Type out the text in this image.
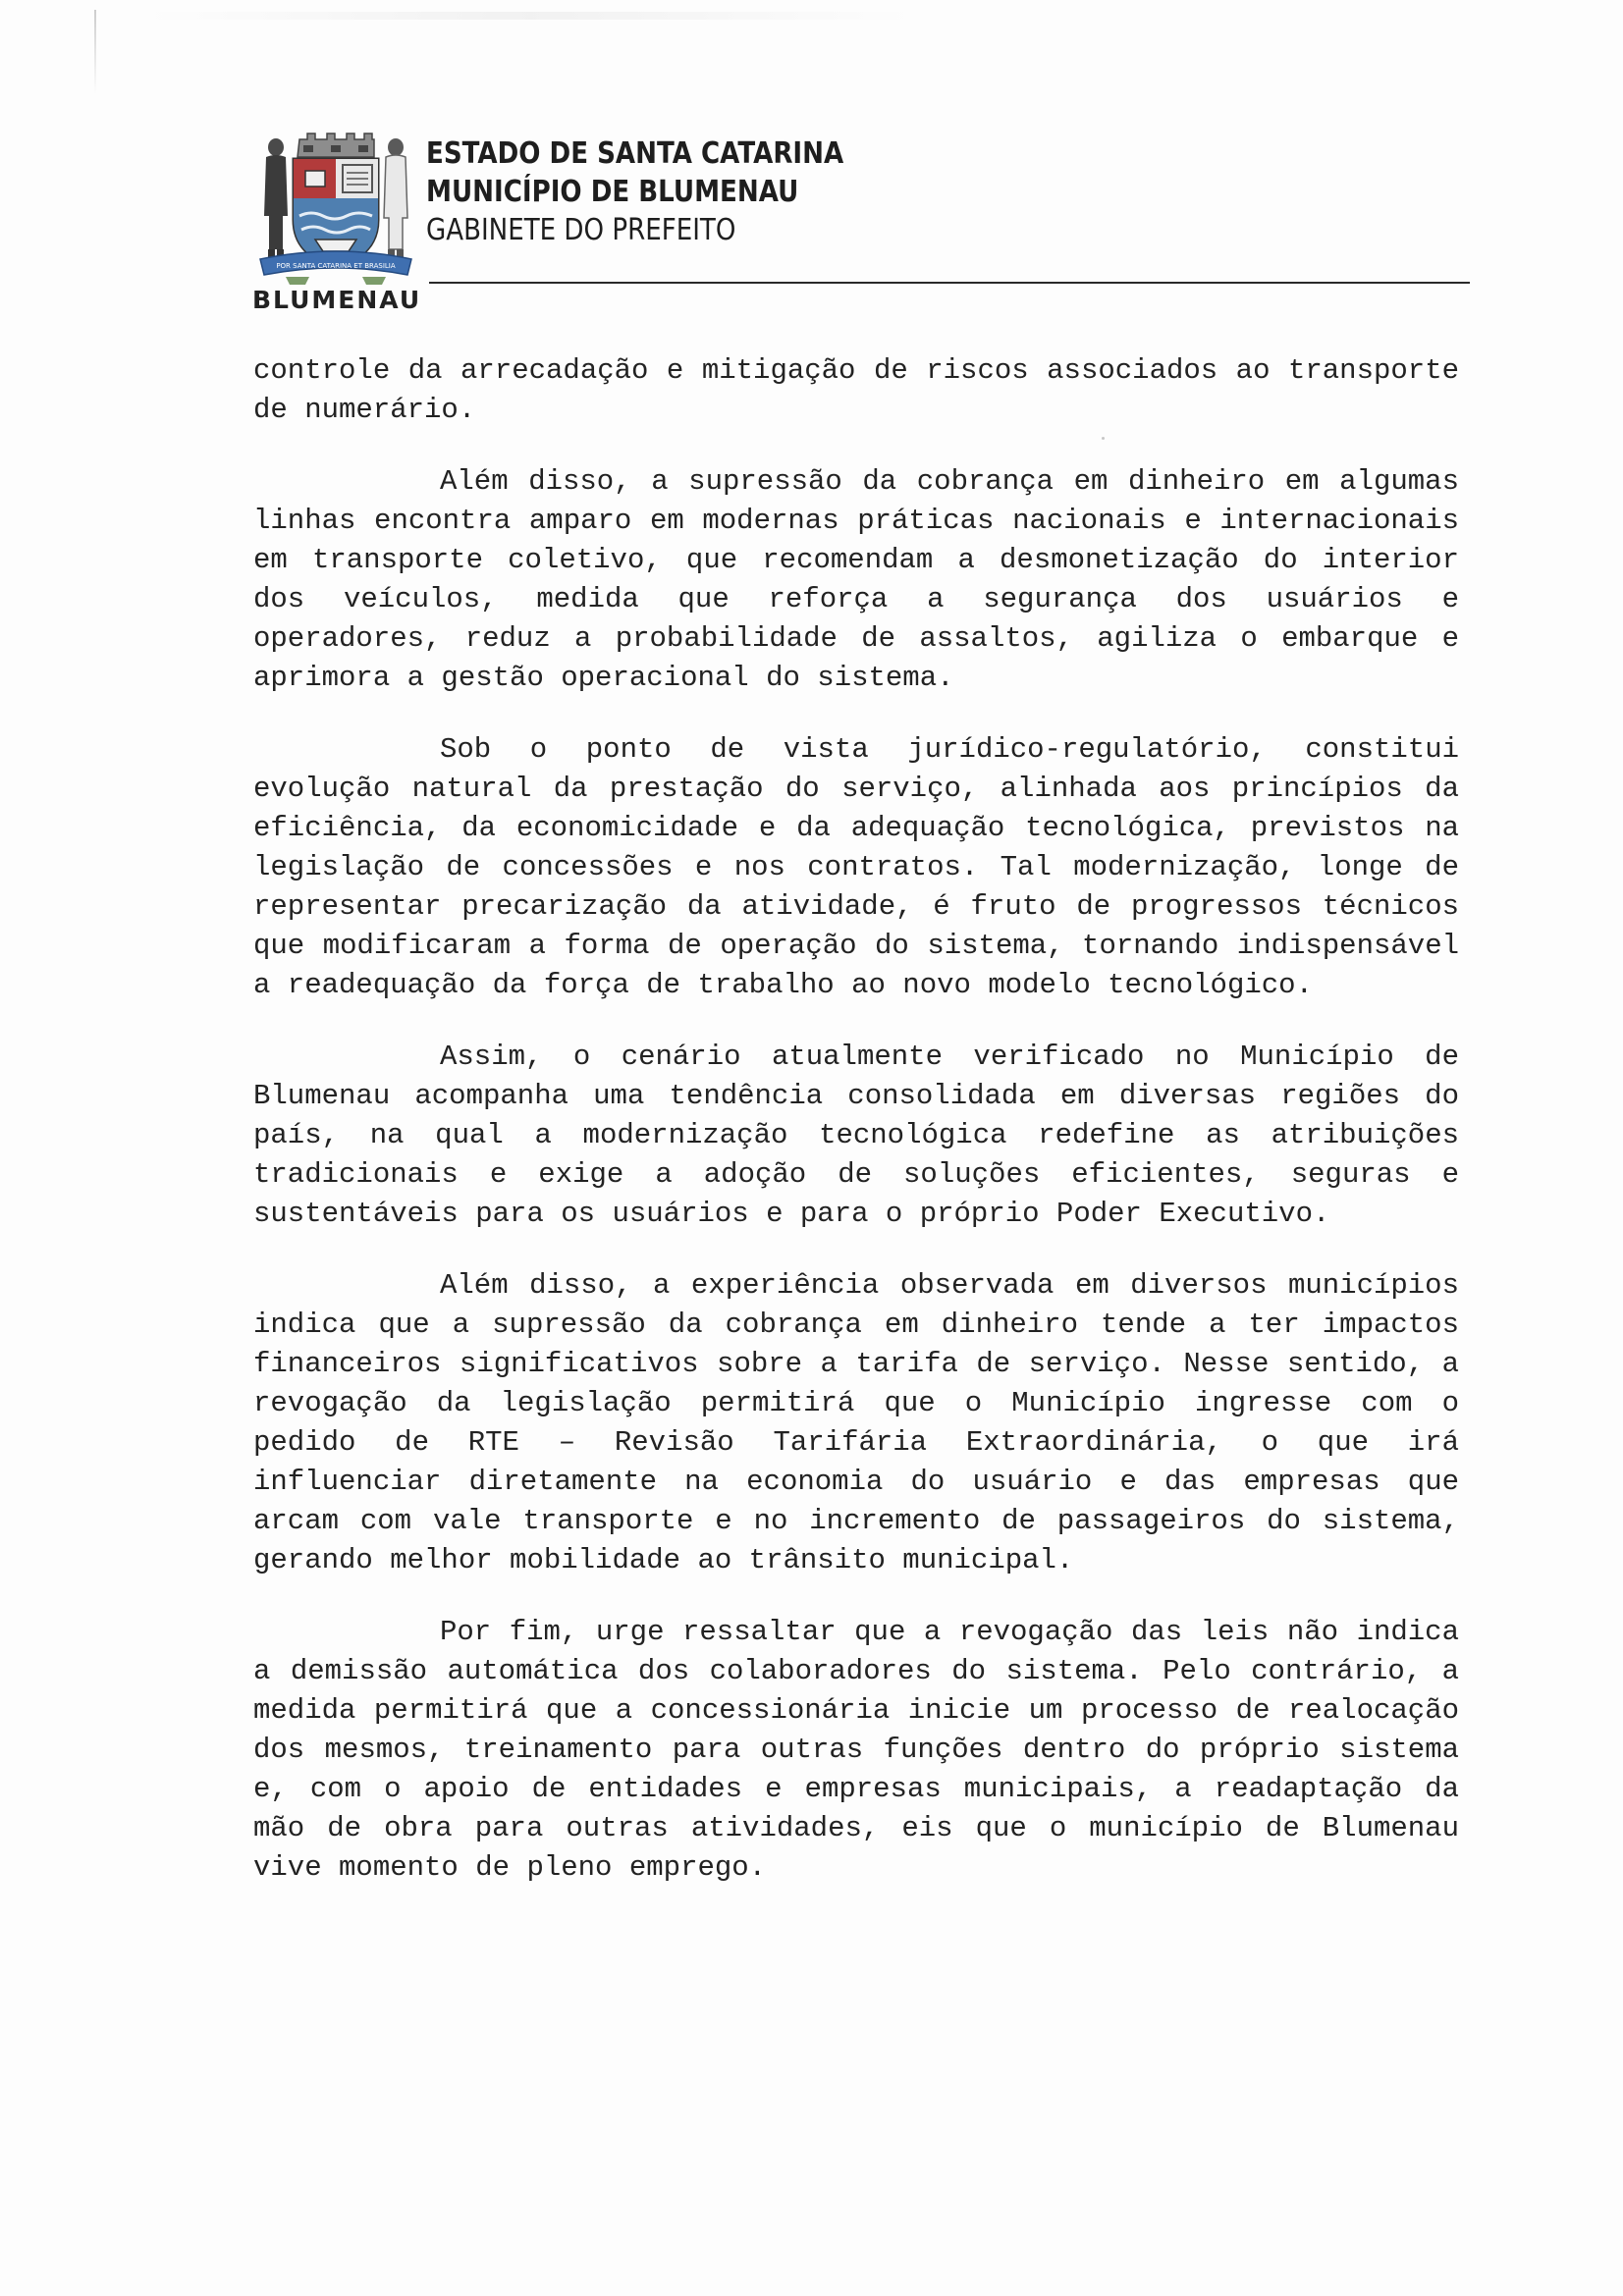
POR SANTA CATARINA ET BRASILIA
BLUMENAU
ESTADO DE SANTA CATARINA
MUNICÍPIO DE BLUMENAU
GABINETE DO PREFEITO

controle da arrecadação e mitigação de riscos associados ao transporte de numerário.

Além disso, a supressão da cobrança em dinheiro em algumas linhas encontra amparo em modernas práticas nacionais e internacionais em transporte coletivo, que recomendam a desmonetização do interior dos veículos, medida que reforça a segurança dos usuários e operadores, reduz a probabilidade de assaltos, agiliza o embarque e aprimora a gestão operacional do sistema.

Sob o ponto de vista jurídico-regulatório, constitui evolução natural da prestação do serviço, alinhada aos princípios da eficiência, da economicidade e da adequação tecnológica, previstos na legislação de concessões e nos contratos. Tal modernização, longe de representar precarização da atividade, é fruto de progressos técnicos que modificaram a forma de operação do sistema, tornando indispensável a readequação da força de trabalho ao novo modelo tecnológico.

Assim, o cenário atualmente verificado no Município de Blumenau acompanha uma tendência consolidada em diversas regiões do país, na qual a modernização tecnológica redefine as atribuições tradicionais e exige a adoção de soluções eficientes, seguras e sustentáveis para os usuários e para o próprio Poder Executivo.

Além disso, a experiência observada em diversos municípios indica que a supressão da cobrança em dinheiro tende a ter impactos financeiros significativos sobre a tarifa de serviço. Nesse sentido, a revogação da legislação permitirá que o Município ingresse com o pedido de RTE – Revisão Tarifária Extraordinária, o que irá influenciar diretamente na economia do usuário e das empresas que arcam com vale transporte e no incremento de passageiros do sistema, gerando melhor mobilidade ao trânsito municipal.

Por fim, urge ressaltar que a revogação das leis não indica a demissão automática dos colaboradores do sistema. Pelo contrário, a medida permitirá que a concessionária inicie um processo de realocação dos mesmos, treinamento para outras funções dentro do próprio sistema e, com o apoio de entidades e empresas municipais, a readaptação da mão de obra para outras atividades, eis que o município de Blumenau vive momento de pleno emprego.
